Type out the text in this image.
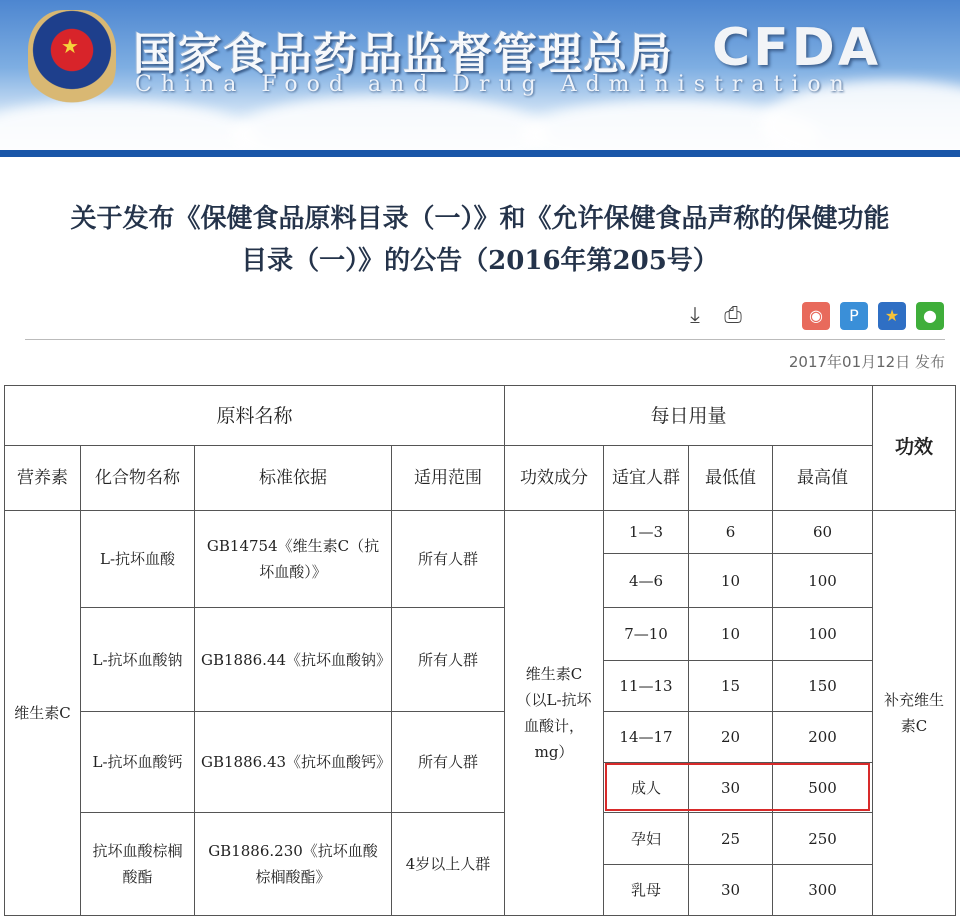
★ 国家食品药品监督管理总局
China Food and Drug Administration
CFDA
关于发布《保健食品原料目录（一）》和《允许保健食品声称的保健功能
目录（一）》的公告（2016年第205号）
⤓	⎙	◉	P	★	●
2017年01月12日 发布
原料名称				每日用量				功效
营养素	化合物名称	标准依据	适用范围	功效成分	适宜人群	最低值	最高值	
维生素C	L-抗坏血酸	GB14754《维生素C（抗坏血酸）》	所有人群	维生素C（以L-抗坏血酸计，mg）	1—3	6	60	补充维生素C
					4—6	10	100	
	L-抗坏血酸钠	GB1886.44《抗坏血酸钠》	所有人群		7—10	10	100	
					11—13	15	150	
	L-抗坏血酸钙	GB1886.43《抗坏血酸钙》	所有人群		14—17	20	200	
					成人	30	500	
	抗坏血酸棕榈酸酯	GB1886.230《抗坏血酸棕榈酸酯》	4岁以上人群		孕妇	25	250	
					乳母	30	300	
